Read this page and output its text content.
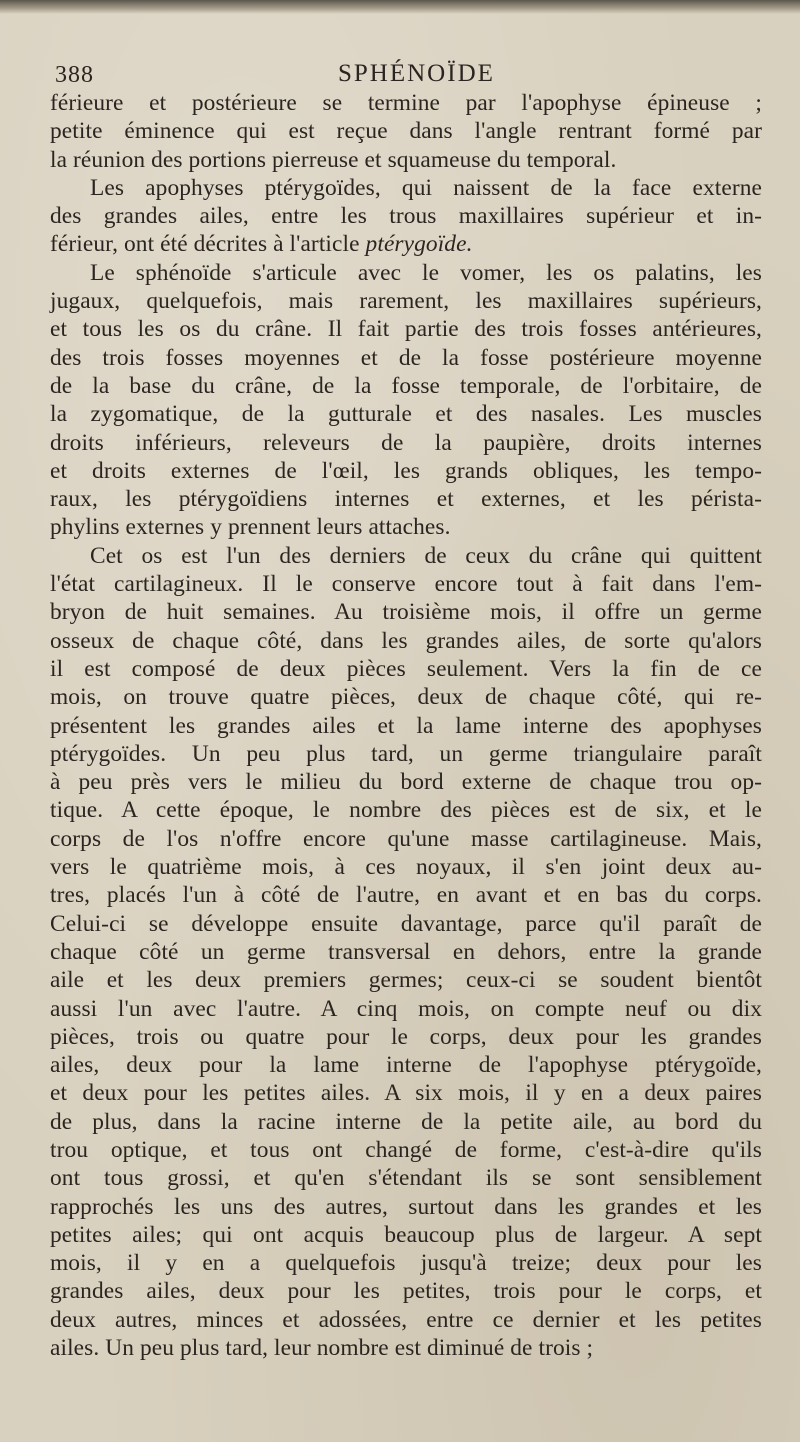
388	SPHÉNOÏDE
férieure et postérieure se termine par l'apophyse épineuse ;
petite éminence qui est reçue dans l'angle rentrant formé par
la réunion des portions pierreuse et squameuse du temporal.
Les apophyses ptérygoïdes, qui naissent de la face externe
des grandes ailes, entre les trous maxillaires supérieur et in-
férieur, ont été décrites à l'article ptérygoïde.
Le sphénoïde s'articule avec le vomer, les os palatins, les
jugaux, quelquefois, mais rarement, les maxillaires supérieurs,
et tous les os du crâne. Il fait partie des trois fosses antérieures,
des trois fosses moyennes et de la fosse postérieure moyenne
de la base du crâne, de la fosse temporale, de l'orbitaire, de
la zygomatique, de la gutturale et des nasales. Les muscles
droits inférieurs, releveurs de la paupière, droits internes
et droits externes de l'œil, les grands obliques, les tempo-
raux, les ptérygoïdiens internes et externes, et les pérista-
phylins externes y prennent leurs attaches.
Cet os est l'un des derniers de ceux du crâne qui quittent
l'état cartilagineux. Il le conserve encore tout à fait dans l'em-
bryon de huit semaines. Au troisième mois, il offre un germe
osseux de chaque côté, dans les grandes ailes, de sorte qu'alors
il est composé de deux pièces seulement. Vers la fin de ce
mois, on trouve quatre pièces, deux de chaque côté, qui re-
présentent les grandes ailes et la lame interne des apophyses
ptérygoïdes. Un peu plus tard, un germe triangulaire paraît
à peu près vers le milieu du bord externe de chaque trou op-
tique. A cette époque, le nombre des pièces est de six, et le
corps de l'os n'offre encore qu'une masse cartilagineuse. Mais,
vers le quatrième mois, à ces noyaux, il s'en joint deux au-
tres, placés l'un à côté de l'autre, en avant et en bas du corps.
Celui-ci se développe ensuite davantage, parce qu'il paraît de
chaque côté un germe transversal en dehors, entre la grande
aile et les deux premiers germes; ceux-ci se soudent bientôt
aussi l'un avec l'autre. A cinq mois, on compte neuf ou dix
pièces, trois ou quatre pour le corps, deux pour les grandes
ailes, deux pour la lame interne de l'apophyse ptérygoïde,
et deux pour les petites ailes. A six mois, il y en a deux paires
de plus, dans la racine interne de la petite aile, au bord du
trou optique, et tous ont changé de forme, c'est-à-dire qu'ils
ont tous grossi, et qu'en s'étendant ils se sont sensiblement
rapprochés les uns des autres, surtout dans les grandes et les
petites ailes; qui ont acquis beaucoup plus de largeur. A sept
mois, il y en a quelquefois jusqu'à treize; deux pour les
grandes ailes, deux pour les petites, trois pour le corps, et
deux autres, minces et adossées, entre ce dernier et les petites
ailes. Un peu plus tard, leur nombre est diminué de trois ;
